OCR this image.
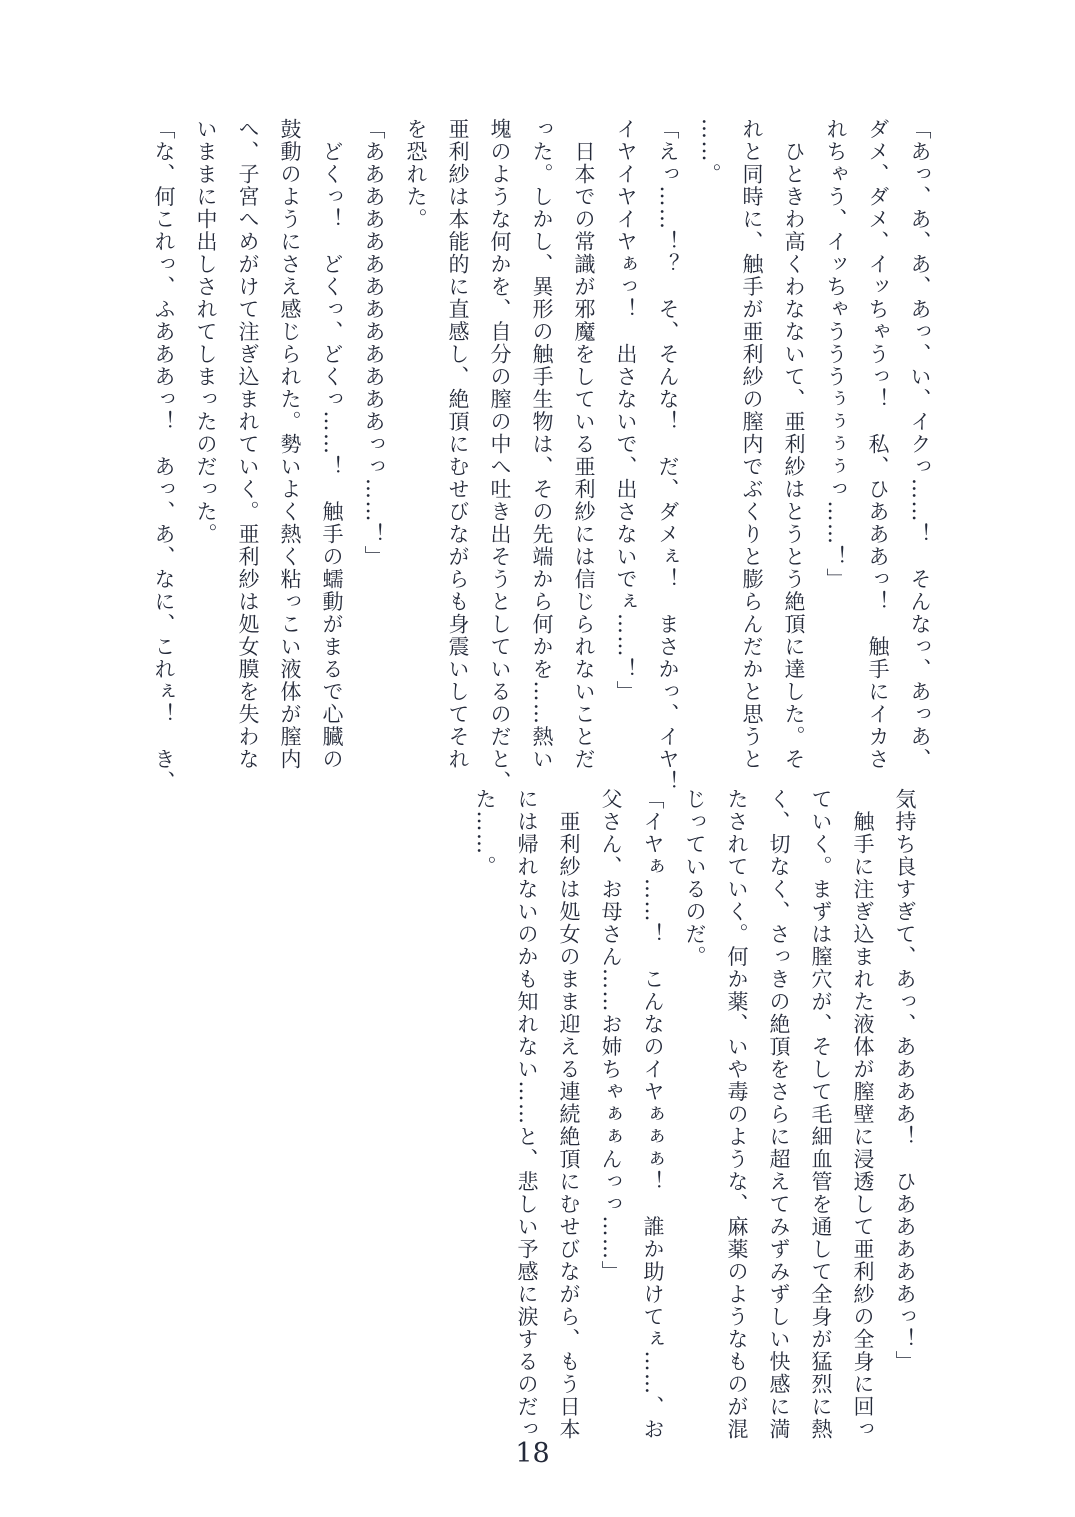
「あっ、あ、あ、あっ、い、イクっ……！　そんなっ、あっあ、

ダメ、ダメ、イッちゃうっ！　私、ひあああっ！　触手にイカさ

れちゃう、イッちゃうううぅぅぅぅっ……！」

　ひときわ高くわなないて、亜利紗はとうとう絶頂に達した。そ

れと同時に、触手が亜利紗の膣内でぶくりと膨らんだかと思うと

……。

「えっ……！？　そ、そんな！　だ、ダメぇ！　まさかっ、イヤ！

イヤイヤイヤぁっ！　出さないで、出さないでぇ……！」

　日本での常識が邪魔をしている亜利紗には信じられないことだ

った。しかし、異形の触手生物は、その先端から何かを……熱い

塊のような何かを、自分の膣の中へ吐き出そうとしているのだと、

亜利紗は本能的に直感し、絶頂にむせびながらも身震いしてそれ

を恐れた。

「あああああああああああああっっ……！」

　どくっ！　どくっ、どくっ……！　触手の蠕動がまるで心臓の

鼓動のようにさえ感じられた。勢いよく熱く粘っこい液体が膣内

へ、子宮へめがけて注ぎ込まれていく。亜利紗は処女膜を失わな

いままに中出しされてしまったのだった。

「な、何これっ、ふあああっ！　あっ、あ、なに、これぇ！　き、

気持ち良すぎて、あっ、ああああ！　ひあああああっ！」

　触手に注ぎ込まれた液体が膣壁に浸透して亜利紗の全身に回っ

ていく。まずは膣穴が、そして毛細血管を通して全身が猛烈に熱

く、切なく、さっきの絶頂をさらに超えてみずみずしい快感に満

たされていく。何か薬、いや毒のような、麻薬のようなものが混

じっているのだ。

「イヤぁ……！　こんなのイヤぁぁぁ！　誰か助けてぇ……、お

父さん、お母さん……お姉ちゃぁぁんっっ……」

　亜利紗は処女のまま迎える連続絶頂にむせびながら、もう日本

には帰れないのかも知れない……と、悲しい予感に涙するのだっ

た……。

18
